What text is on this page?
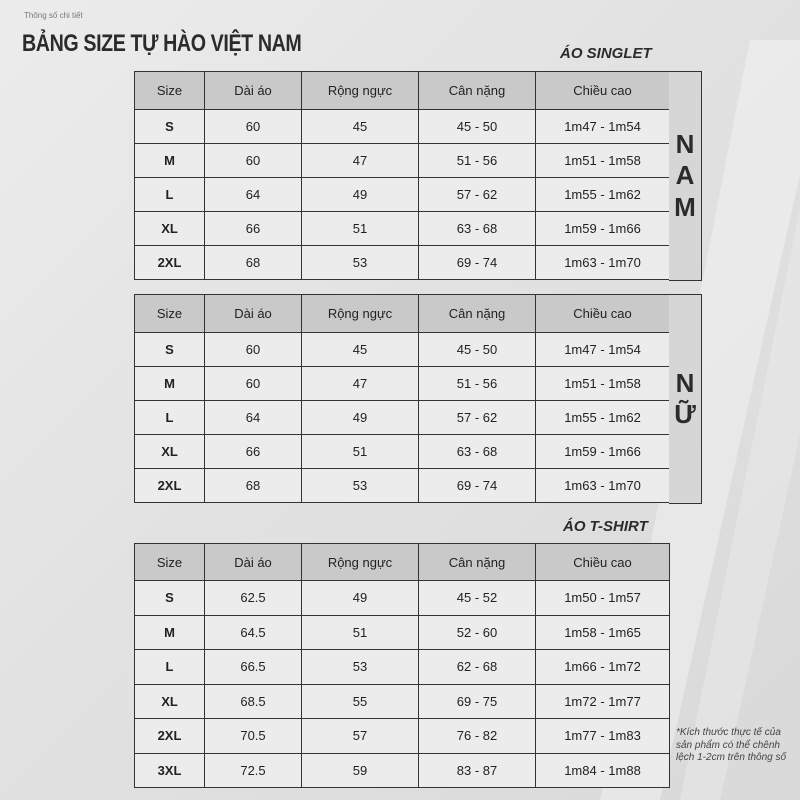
Thông số chi tiết
BẢNG SIZE TỰ HÀO VIỆT NAM	ÁO SINGLET
Size	Dài áo	Rộng ngực	Cân nặng	Chiều cao
S	60	45	45 - 50	1m47 - 1m54
M	60	47	51 - 56	1m51 - 1m58
L	64	49	57 - 62	1m55 - 1m62
XL	66	51	63 - 68	1m59 - 1m66
2XL	68	53	69 - 74	1m63 - 1m70
N
A
M
Size	Dài áo	Rộng ngực	Cân nặng	Chiều cao
S	60	45	45 - 50	1m47 - 1m54
M	60	47	51 - 56	1m51 - 1m58
L	64	49	57 - 62	1m55 - 1m62
XL	66	51	63 - 68	1m59 - 1m66
2XL	68	53	69 - 74	1m63 - 1m70
N
Ữ
ÁO T-SHIRT
Size	Dài áo	Rộng ngực	Cân nặng	Chiều cao
S	62.5	49	45 - 52	1m50 - 1m57
M	64.5	51	52 - 60	1m58 - 1m65
L	66.5	53	62 - 68	1m66 - 1m72
XL	68.5	55	69 - 75	1m72 - 1m77
2XL	70.5	57	76 - 82	1m77 - 1m83
3XL	72.5	59	83 - 87	1m84 - 1m88
*Kích thước thực tế của sản phẩm có thể chênh lệch 1-2cm trên thông số
